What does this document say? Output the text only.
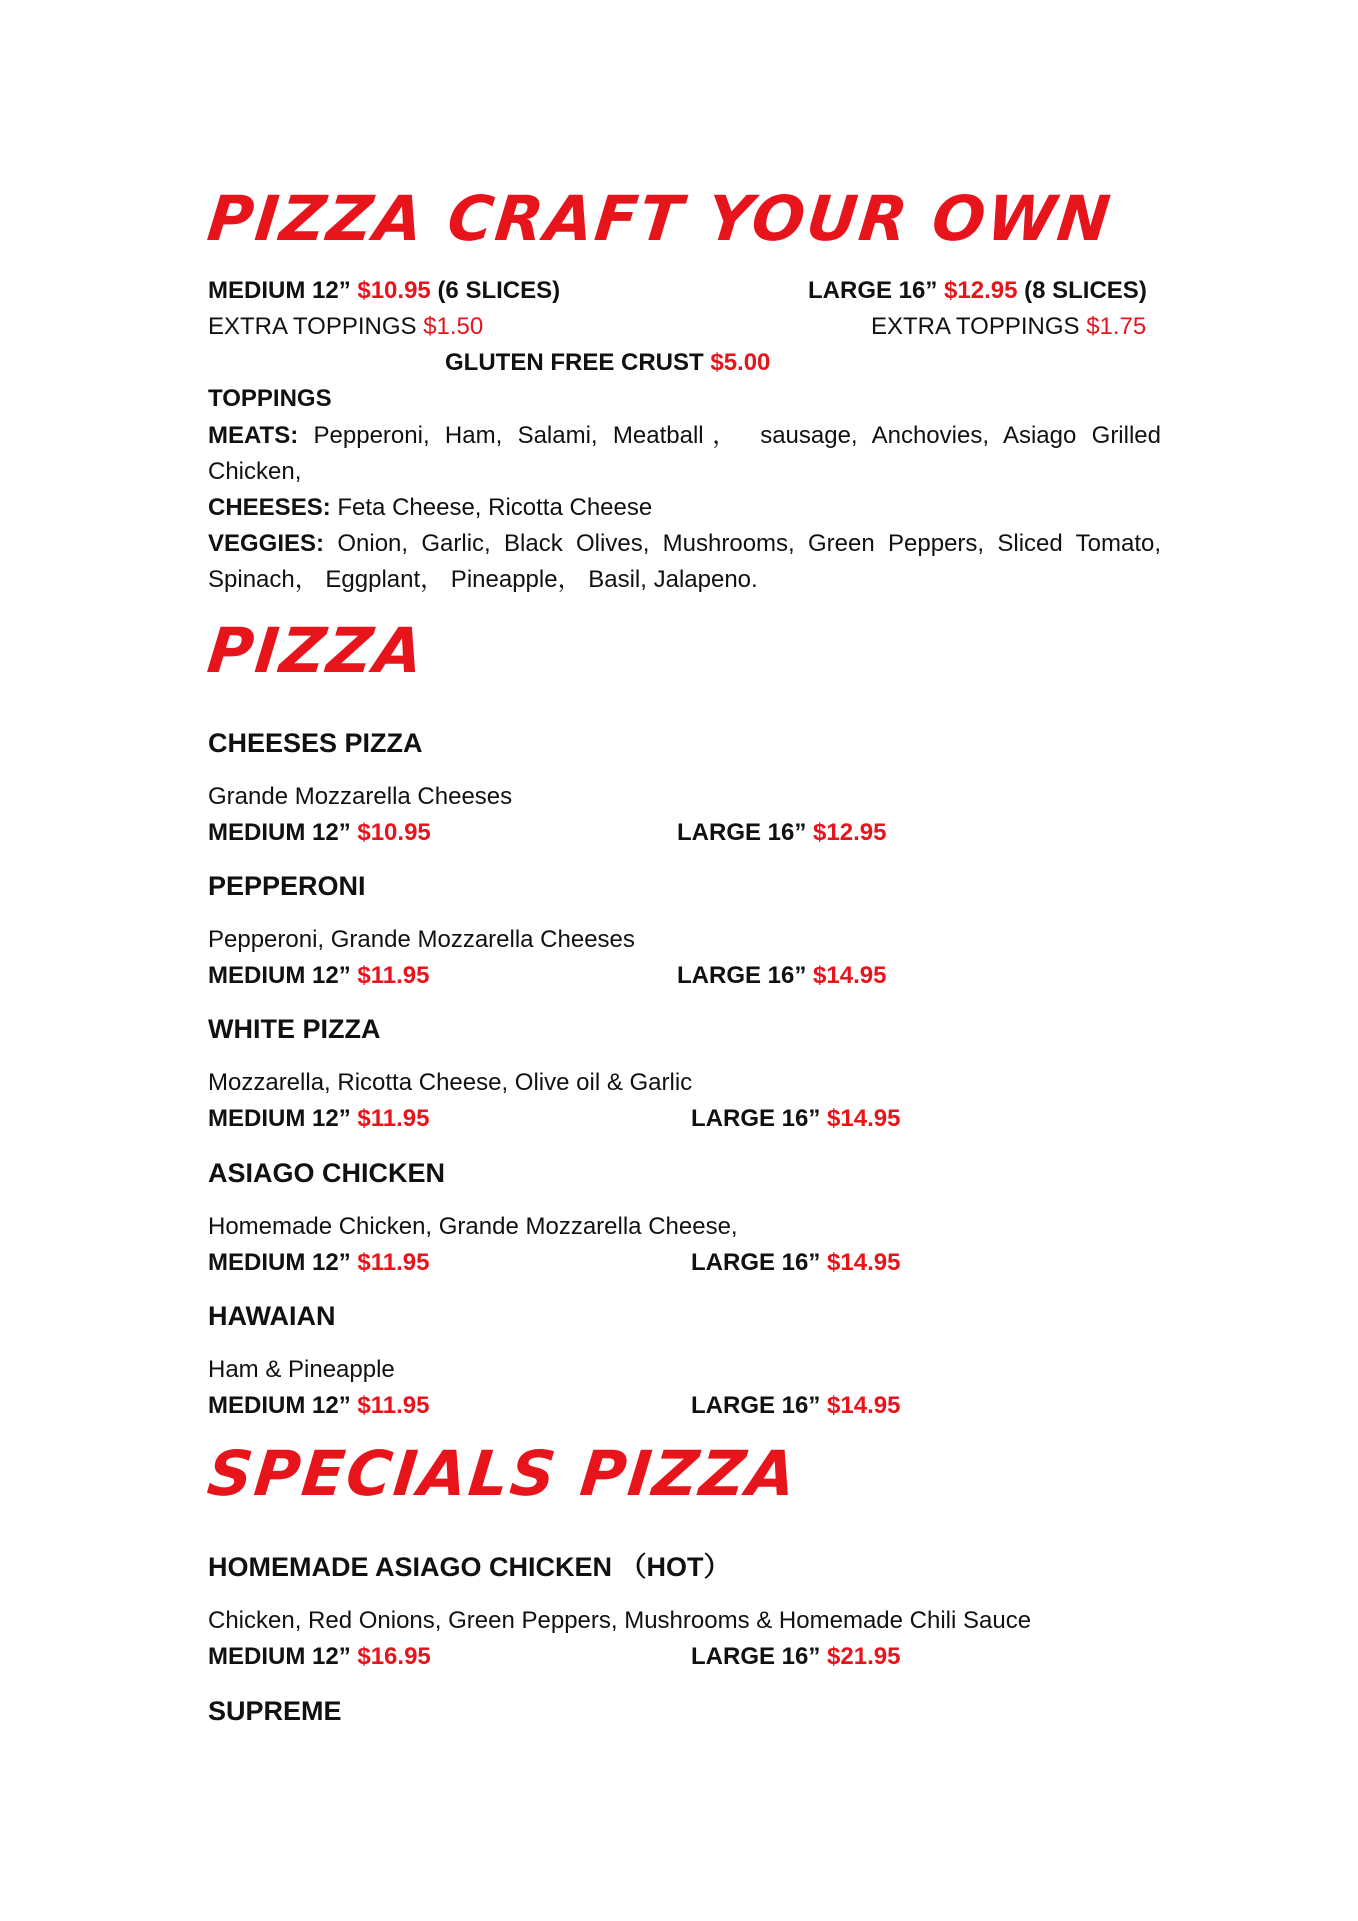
PIZZA CRAFT YOUR OWN
MEDIUM 12” $10.95 (6 SLICES)	LARGE 16” $12.95 (8 SLICES)
EXTRA TOPPINGS $1.50	EXTRA TOPPINGS $1.75
GLUTEN FREE CRUST $5.00
TOPPINGS
MEATS: Pepperoni, Ham, Salami, Meatball， sausage, Anchovies, Asiago Grilled Chicken,
CHEESES: Feta Cheese, Ricotta Cheese
VEGGIES: Onion, Garlic, Black Olives, Mushrooms, Green Peppers, Sliced Tomato, Spinach， Eggplant， Pineapple， Basil, Jalapeno.
PIZZA
CHEESES PIZZA
Grande Mozzarella Cheeses
MEDIUM 12” $10.95	LARGE 16” $12.95
PEPPERONI
Pepperoni, Grande Mozzarella Cheeses
MEDIUM 12” $11.95	LARGE 16” $14.95
WHITE PIZZA
Mozzarella, Ricotta Cheese, Olive oil & Garlic
MEDIUM 12” $11.95	LARGE 16” $14.95
ASIAGO CHICKEN
Homemade Chicken, Grande Mozzarella Cheese,
MEDIUM 12” $11.95	LARGE 16” $14.95
HAWAIAN
Ham & Pineapple
MEDIUM 12” $11.95	LARGE 16” $14.95
SPECIALS PIZZA
HOMEMADE ASIAGO CHICKEN （HOT）
Chicken, Red Onions, Green Peppers, Mushrooms & Homemade Chili Sauce
MEDIUM 12” $16.95	LARGE 16” $21.95
SUPREME
